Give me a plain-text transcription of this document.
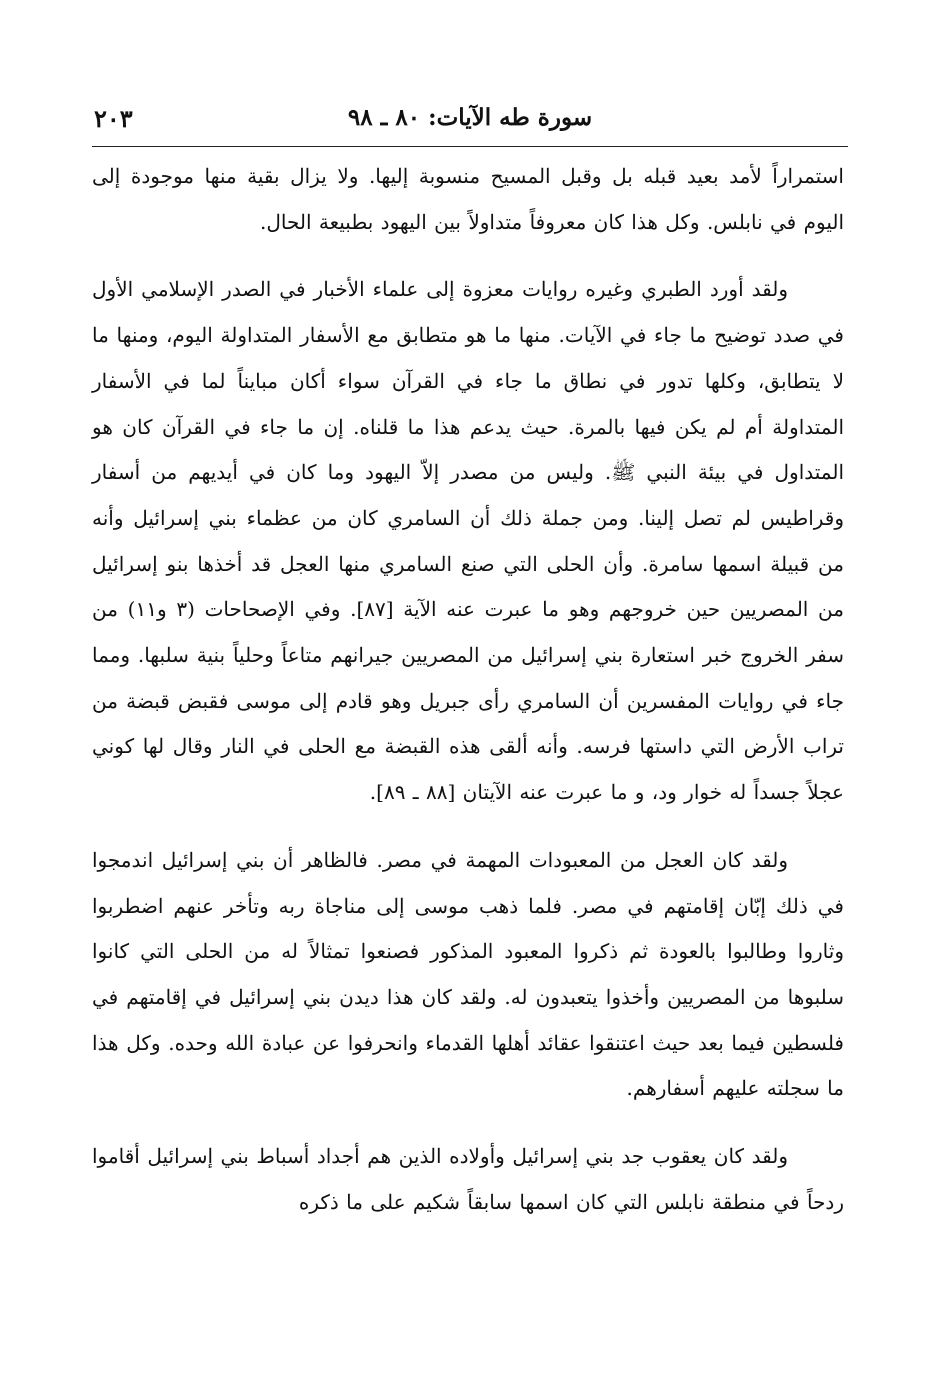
سورة طه الآيات: ٨٠ ـ ٩٨
٢٠٣

استمراراً لأمد بعيد قبله بل وقبل المسيح منسوبة إليها. ولا يزال بقية منها موجودة إلى اليوم في نابلس. وكل هذا كان معروفاً متداولاً بين اليهود بطبيعة الحال.

ولقد أورد الطبري وغيره روايات معزوة إلى علماء الأخبار في الصدر الإسلامي الأول في صدد توضيح ما جاء في الآيات. منها ما هو متطابق مع الأسفار المتداولة اليوم، ومنها ما لا يتطابق، وكلها تدور في نطاق ما جاء في القرآن سواء أكان مبايناً لما في الأسفار المتداولة أم لم يكن فيها بالمرة. حيث يدعم هذا ما قلناه. إن ما جاء في القرآن كان هو المتداول في بيئة النبي ﷺ. وليس من مصدر إلاّ اليهود وما كان في أيديهم من أسفار وقراطيس لم تصل إلينا. ومن جملة ذلك أن السامري كان من عظماء بني إسرائيل وأنه من قبيلة اسمها سامرة. وأن الحلى التي صنع السامري منها العجل قد أخذها بنو إسرائيل من المصريين حين خروجهم وهو ما عبرت عنه الآية [٨٧]. وفي الإصحاحات (٣ و١١) من سفر الخروج خبر استعارة بني إسرائيل من المصريين جيرانهم متاعاً وحلياً بنية سلبها. ومما جاء في روايات المفسرين أن السامري رأى جبريل وهو قادم إلى موسى فقبض قبضة من تراب الأرض التي داستها فرسه. وأنه ألقى هذه القبضة مع الحلى في النار وقال لها كوني عجلاً جسداً له خوار ود، و ما عبرت عنه الآيتان [٨٨ ـ ٨٩].

ولقد كان العجل من المعبودات المهمة في مصر. فالظاهر أن بني إسرائيل اندمجوا في ذلك إبّان إقامتهم في مصر. فلما ذهب موسى إلى مناجاة ربه وتأخر عنهم اضطربوا وثاروا وطالبوا بالعودة ثم ذكروا المعبود المذكور فصنعوا تمثالاً له من الحلى التي كانوا سلبوها من المصريين وأخذوا يتعبدون له. ولقد كان هذا ديدن بني إسرائيل في إقامتهم في فلسطين فيما بعد حيث اعتنقوا عقائد أهلها القدماء وانحرفوا عن عبادة الله وحده. وكل هذا ما سجلته عليهم أسفارهم.

ولقد كان يعقوب جد بني إسرائيل وأولاده الذين هم أجداد أسباط بني إسرائيل أقاموا ردحاً في منطقة نابلس التي كان اسمها سابقاً شكيم على ما ذكره
